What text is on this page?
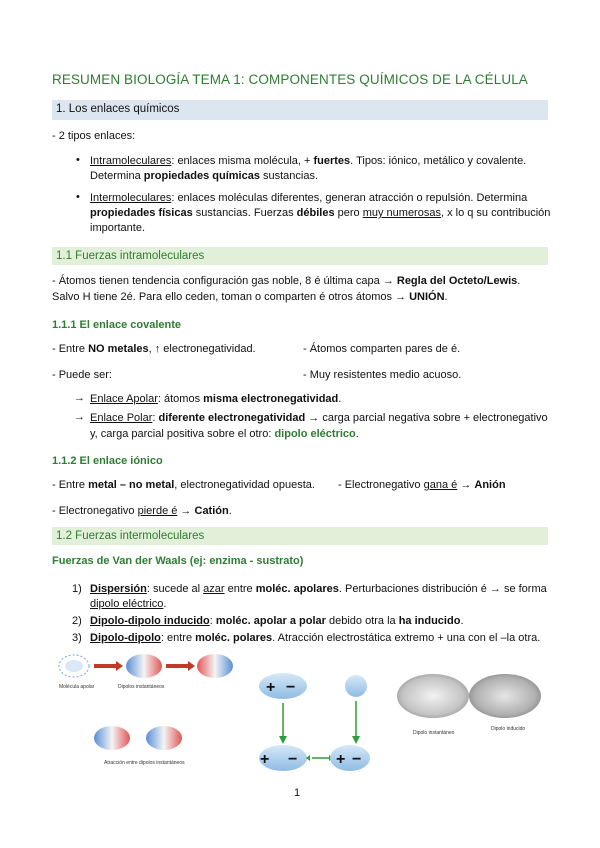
RESUMEN BIOLOGÍA TEMA 1: COMPONENTES QUÍMICOS DE LA CÉLULA
1. Los enlaces químicos
- 2 tipos enlaces:
• Intramoleculares: enlaces misma molécula, + fuertes. Tipos: iónico, metálico y covalente.
Determina propiedades químicas sustancias.
• Intermoleculares: enlaces moléculas diferentes, generan atracción o repulsión. Determina
propiedades físicas sustancias. Fuerzas débiles pero muy numerosas, x lo q su contribución
importante.
1.1 Fuerzas intramoleculares
- Átomos tienen tendencia configuración gas noble, 8 é última capa → Regla del Octeto/Lewis.
Salvo H tiene 2é. Para ello ceden, toman o comparten é otros átomos → UNIÓN.
1.1.1 El enlace covalente
- Entre NO metales, ↑ electronegatividad.	- Átomos comparten pares de é.
- Puede ser:	- Muy resistentes medio acuoso.
→ Enlace Apolar: átomos misma electronegatividad.
→ Enlace Polar: diferente electronegatividad → carga parcial negativa sobre + electronegativo
y, carga parcial positiva sobre el otro: dipolo eléctrico.
1.1.2 El enlace iónico
- Entre metal – no metal, electronegatividad opuesta. - Electronegativo gana é → Anión
- Electronegativo pierde é → Catión.
1.2 Fuerzas intermoleculares
Fuerzas de Van der Waals (ej: enzima - sustrato)
1) Dispersión: sucede al azar entre moléc. apolares. Perturbaciones distribución é → se forma
dipolo eléctrico.
2) Dipolo-dipolo inducido: moléc. apolar a polar debido otra la ha inducido.
3) Dipolo-dipolo: entre moléc. polares. Atracción electrostática extremo + una con el –la otra.
Molécula apolar	Dipolos instantáneos
Atracción entre dipolos instantáneos
+ −
+ − + −
Dipolo instantáneo
Dipolo inducido
1
